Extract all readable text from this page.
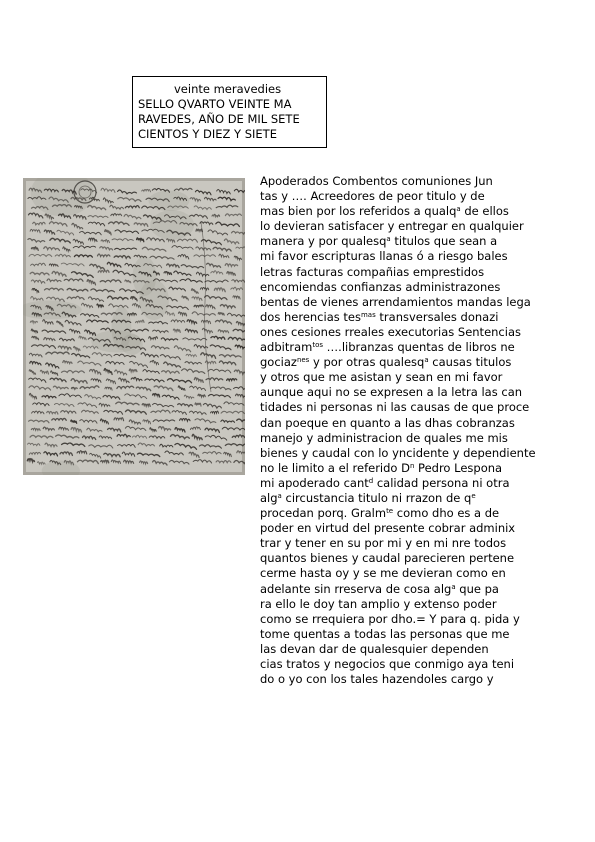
veinte meravedies
SELLO QVARTO VEINTE MA
RAVEDES, AÑO DE MIL SETE
CIENTOS Y DIEZ Y SIETE
Apoderados Combentos comuniones Jun
tas y …. Acreedores de peor titulo y de
mas bien por los referidos a qualq$^a$ de ellos
lo devieran satisfacer y entregar en qualquier
manera y por qualesq$^a$ titulos que sean a
mi favor escripturas llanas ó a riesgo bales
letras facturas compañias emprestidos
encomiendas confianzas administrazones
bentas de vienes arrendamientos mandas lega
dos herencias tes$^{mas}$ transversales donazi
ones cesiones rreales executorias Sentencias
adbitram$^{tos}$ ….libranzas quentas de libros ne
gociaz$^{nes}$ y por otras qualesq$^a$ causas titulos
y otros que me asistan y sean en mi favor
aunque aqui no se expresen a la letra las can
tidades ni personas ni las causas de que proce
dan poeque en quanto a las dhas cobranzas
manejo y administracion de quales me mis
bienes y caudal con lo yncidente y dependiente
no le limito a el referido $D^n$ Pedro Lespona
mi apoderado cant$^d$ calidad persona ni otra
alg$^a$ circustancia titulo ni rrazon de $q^e$
procedan porq. Gralm$^{te}$ como dho es a de
poder en virtud del presente cobrar adminix
trar y tener en su por mi y en mi nre todos
quantos bienes y caudal parecieren pertene
cerme hasta oy y se me devieran como en
adelante sin rreserva de cosa alg$^a$ que pa
ra ello le doy tan amplio y extenso poder
como se rrequiera por dho.= Y para q. pida y
tome quentas a todas las personas que me
las devan dar de qualesquier dependen
cias tratos y negocios que conmigo aya teni
do o yo con los tales hazendoles cargo y
